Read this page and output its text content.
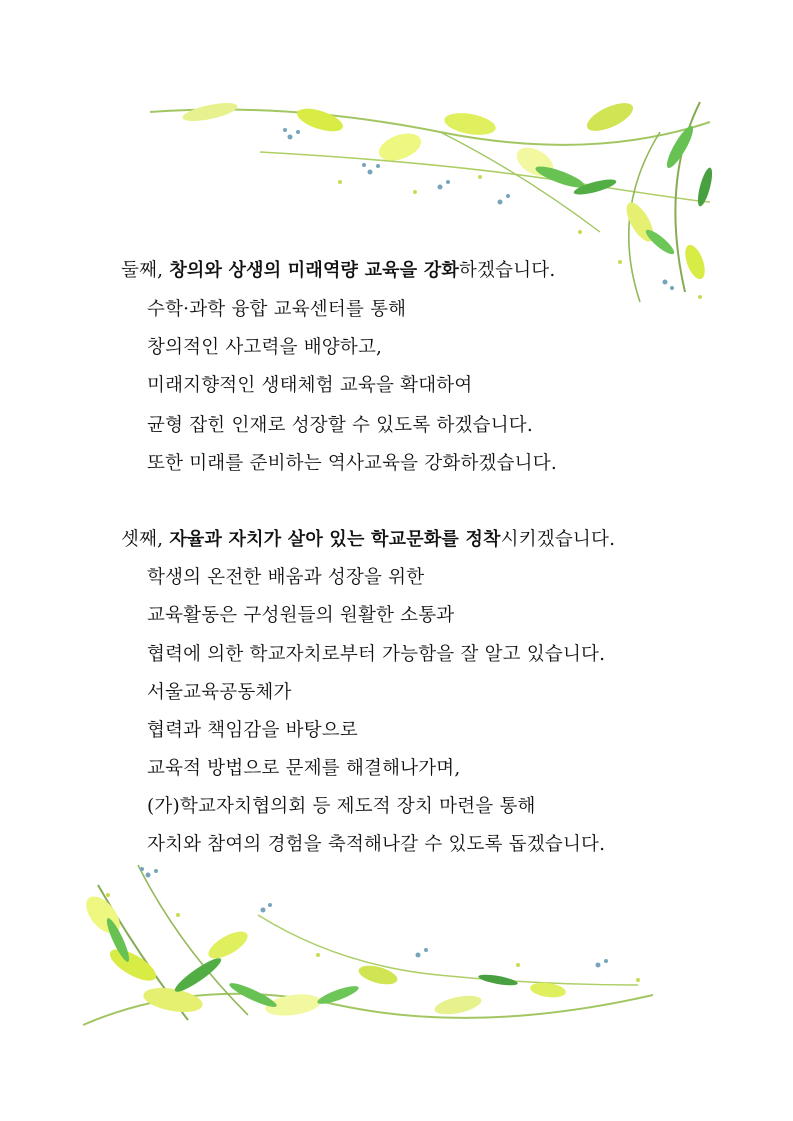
둘째, 창의와 상생의 미래역량 교육을 강화하겠습니다.
수학·과학 융합 교육센터를 통해
창의적인 사고력을 배양하고,
미래지향적인 생태체험 교육을 확대하여
균형 잡힌 인재로 성장할 수 있도록 하겠습니다.
또한 미래를 준비하는 역사교육을 강화하겠습니다.
셋째, 자율과 자치가 살아 있는 학교문화를 정착시키겠습니다.
학생의 온전한 배움과 성장을 위한
교육활동은 구성원들의 원활한 소통과
협력에 의한 학교자치로부터 가능함을 잘 알고 있습니다.
서울교육공동체가
협력과 책임감을 바탕으로
교육적 방법으로 문제를 해결해나가며,
(가)학교자치협의회 등 제도적 장치 마련을 통해
자치와 참여의 경험을 축적해나갈 수 있도록 돕겠습니다.
